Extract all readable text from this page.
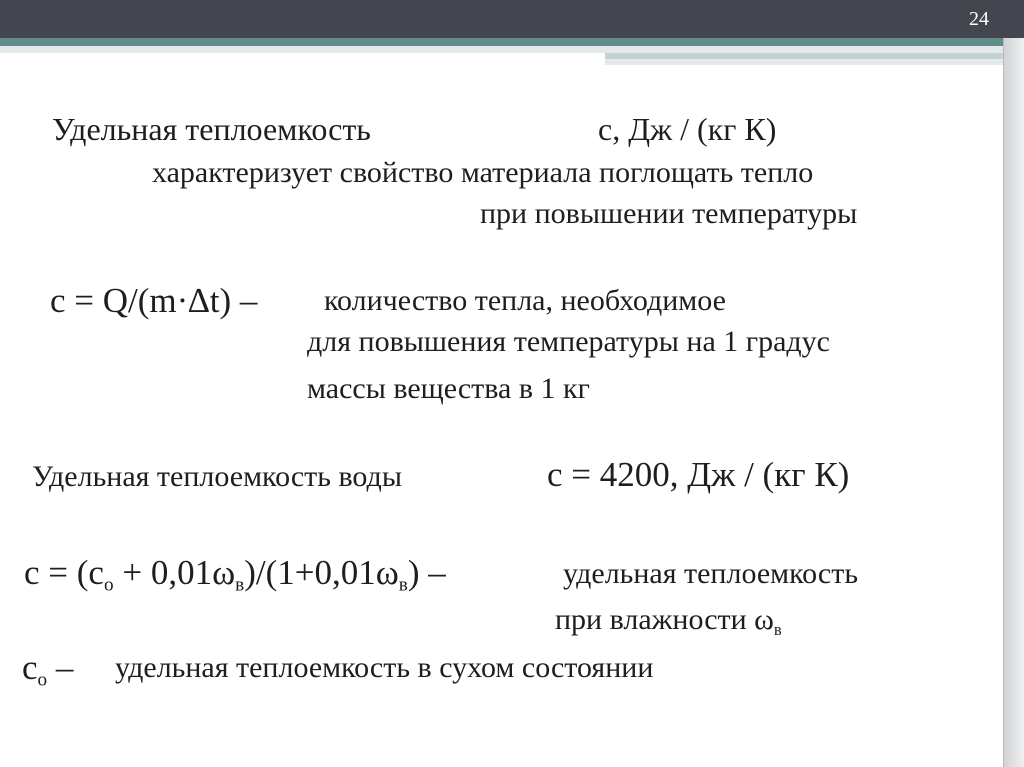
24
Удельная теплоемкость	c, Дж / (кг К)
характеризует свойство материала поглощать тепло
при повышении температуры
с = Q/(m·∆t) – количество тепла, необходимое
для повышения температуры на 1 градус
массы вещества в 1 кг
Удельная теплоемкость воды	с = 4200, Дж / (кг К)
$с = (с_о + 0,01\omega_в)/(1+0,01\omega_в)$ –	удельная теплоемкость
при влажности $\omega_в$
$с_о$ – удельная теплоемкость в сухом состоянии
